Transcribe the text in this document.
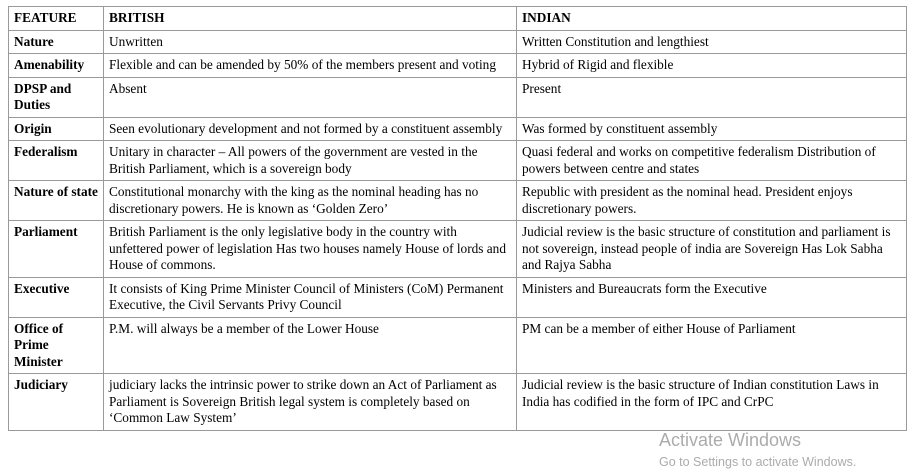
FEATURE	BRITISH	INDIAN
Nature	Unwritten	Written Constitution and lengthiest
Amenability	Flexible and can be amended by 50% of the members present and voting	Hybrid of Rigid and flexible
DPSP and Duties	Absent	Present
Origin	Seen evolutionary development and not formed by a constituent assembly	Was formed by constituent assembly
Federalism	Unitary in character – All powers of the government are vested in the British Parliament, which is a sovereign body	Quasi federal and works on competitive federalism Distribution of powers between centre and states
Nature of state	Constitutional monarchy with the king as the nominal heading has no discretionary powers. He is known as ‘Golden Zero’	Republic with president as the nominal head. President enjoys discretionary powers.
Parliament	British Parliament is the only legislative body in the country with unfettered power of legislation Has two houses namely House of lords and House of commons.	Judicial review is the basic structure of constitution and parliament is not sovereign, instead people of india are Sovereign Has Lok Sabha and Rajya Sabha
Executive	It consists of King Prime Minister Council of Ministers (CoM) Permanent Executive, the Civil Servants Privy Council	Ministers and Bureaucrats form the Executive
Office of Prime Minister	P.M. will always be a member of the Lower House	PM can be a member of either House of Parliament
Judiciary	judiciary lacks the intrinsic power to strike down an Act of Parliament as Parliament is Sovereign British legal system is completely based on ‘Common Law System’	Judicial review is the basic structure of Indian constitution Laws in India has codified in the form of IPC and CrPC
Activate Windows
Go to Settings to activate Windows.
